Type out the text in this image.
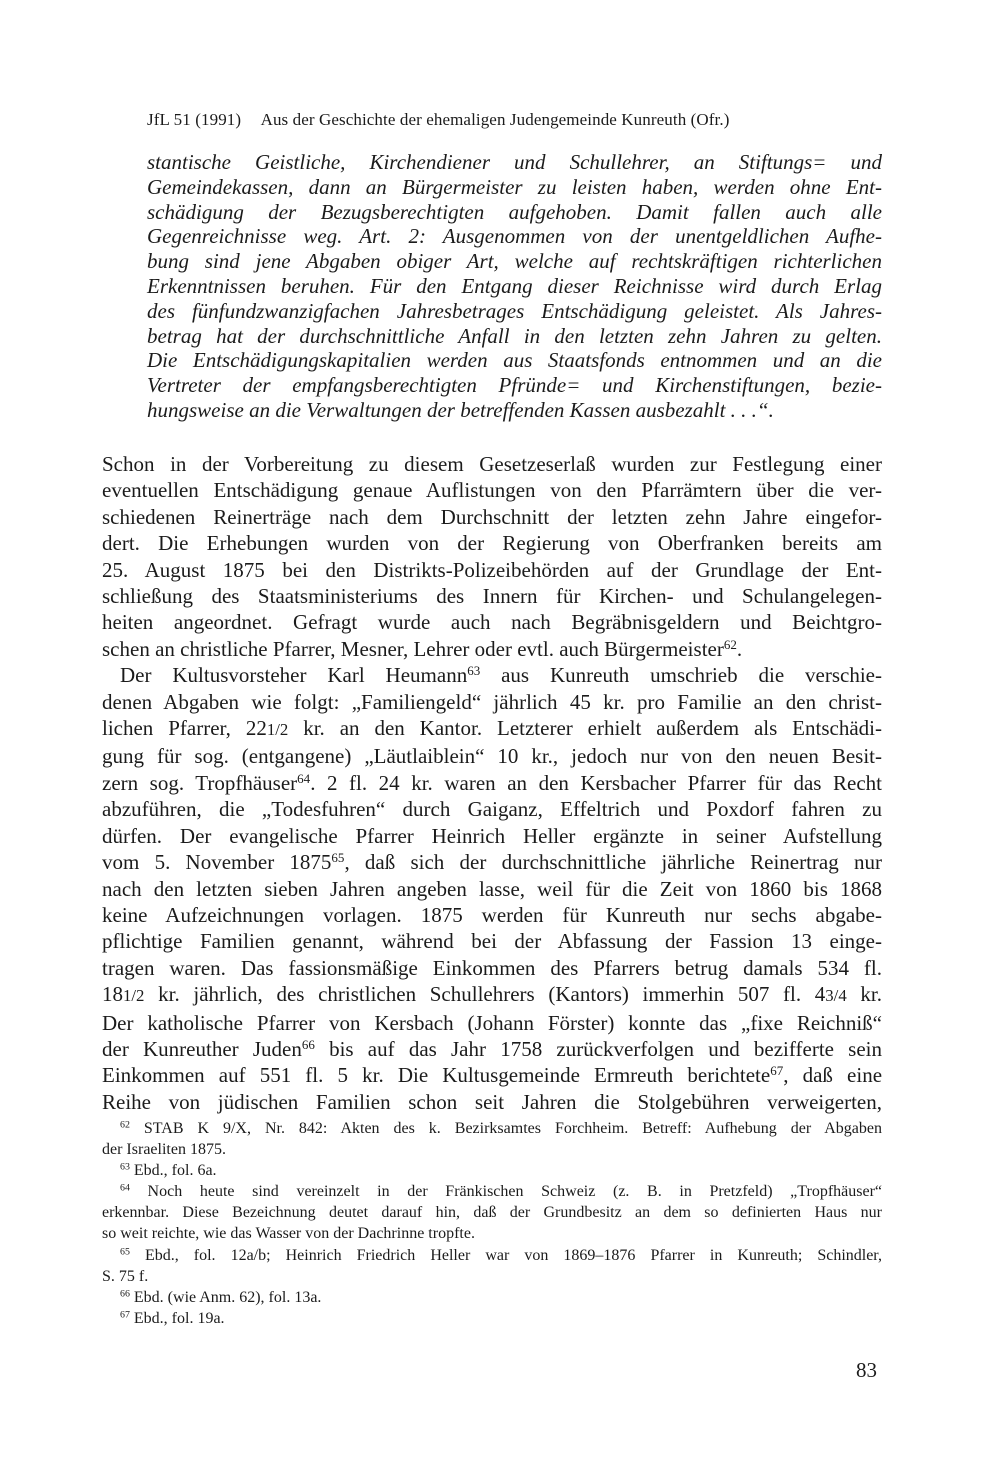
JfL 51 (1991) Aus der Geschichte der ehemaligen Judengemeinde Kunreuth (Ofr.)
stantische Geistliche, Kirchendiener und Schullehrer, an Stiftungs= und
Gemeindekassen, dann an Bürgermeister zu leisten haben, werden ohne Ent-
schädigung der Bezugsberechtigten aufgehoben. Damit fallen auch alle
Gegenreichnisse weg. Art. 2: Ausgenommen von der unentgeldlichen Aufhe-
bung sind jene Abgaben obiger Art, welche auf rechtskräftigen richterlichen
Erkenntnissen beruhen. Für den Entgang dieser Reichnisse wird durch Erlag
des fünfundzwanzigfachen Jahresbetrages Entschädigung geleistet. Als Jahres-
betrag hat der durchschnittliche Anfall in den letzten zehn Jahren zu gelten.
Die Entschädigungskapitalien werden aus Staatsfonds entnommen und an die
Vertreter der empfangsberechtigten Pfründe= und Kirchenstiftungen, bezie-
hungsweise an die Verwaltungen der betreffenden Kassen ausbezahlt . . .“.
Schon in der Vorbereitung zu diesem Gesetzeserlaß wurden zur Festlegung einer
eventuellen Entschädigung genaue Auflistungen von den Pfarrämtern über die ver-
schiedenen Reinerträge nach dem Durchschnitt der letzten zehn Jahre eingefor-
dert. Die Erhebungen wurden von der Regierung von Oberfranken bereits am
25. August 1875 bei den Distrikts-Polizeibehörden auf der Grundlage der Ent-
schließung des Staatsministeriums des Innern für Kirchen- und Schulangelegen-
heiten angeordnet. Gefragt wurde auch nach Begräbnisgeldern und Beichtgro-
schen an christliche Pfarrer, Mesner, Lehrer oder evtl. auch Bürgermeister$^{62}$.
Der Kultusvorsteher Karl Heumann$^{63}$ aus Kunreuth umschrieb die verschie-
denen Abgaben wie folgt: „Familiengeld“ jährlich 45 kr. pro Familie an den christ-
lichen Pfarrer, 221/2 kr. an den Kantor. Letzterer erhielt außerdem als Entschädi-
gung für sog. (entgangene) „Läutlaiblein“ 10 kr., jedoch nur von den neuen Besit-
zern sog. Tropfhäuser$^{64}$. 2 fl. 24 kr. waren an den Kersbacher Pfarrer für das Recht
abzuführen, die „Todesfuhren“ durch Gaiganz, Effeltrich und Poxdorf fahren zu
dürfen. Der evangelische Pfarrer Heinrich Heller ergänzte in seiner Aufstellung
vom 5. November 1875$^{65}$, daß sich der durchschnittliche jährliche Reinertrag nur
nach den letzten sieben Jahren angeben lasse, weil für die Zeit von 1860 bis 1868
keine Aufzeichnungen vorlagen. 1875 werden für Kunreuth nur sechs abgabe-
pflichtige Familien genannt, während bei der Abfassung der Fassion 13 einge-
tragen waren. Das fassionsmäßige Einkommen des Pfarrers betrug damals 534 fl.
181/2 kr. jährlich, des christlichen Schullehrers (Kantors) immerhin 507 fl. 43/4 kr.
Der katholische Pfarrer von Kersbach (Johann Förster) konnte das „fixe Reichniß“
der Kunreuther Juden$^{66}$ bis auf das Jahr 1758 zurückverfolgen und bezifferte sein
Einkommen auf 551 fl. 5 kr. Die Kultusgemeinde Ermreuth berichtete$^{67}$, daß eine
Reihe von jüdischen Familien schon seit Jahren die Stolgebühren verweigerten,
$^{62}$ STAB K 9/X, Nr. 842: Akten des k. Bezirksamtes Forchheim. Betreff: Aufhebung der Abgaben
der Israeliten 1875.
$^{63}$ Ebd., fol. 6a.
$^{64}$ Noch heute sind vereinzelt in der Fränkischen Schweiz (z. B. in Pretzfeld) „Tropfhäuser“
erkennbar. Diese Bezeichnung deutet darauf hin, daß der Grundbesitz an dem so definierten Haus nur
so weit reichte, wie das Wasser von der Dachrinne tropfte.
$^{65}$ Ebd., fol. 12a/b; Heinrich Friedrich Heller war von 1869–1876 Pfarrer in Kunreuth; Schindler,
S. 75 f.
$^{66}$ Ebd. (wie Anm. 62), fol. 13a.
$^{67}$ Ebd., fol. 19a.
83
